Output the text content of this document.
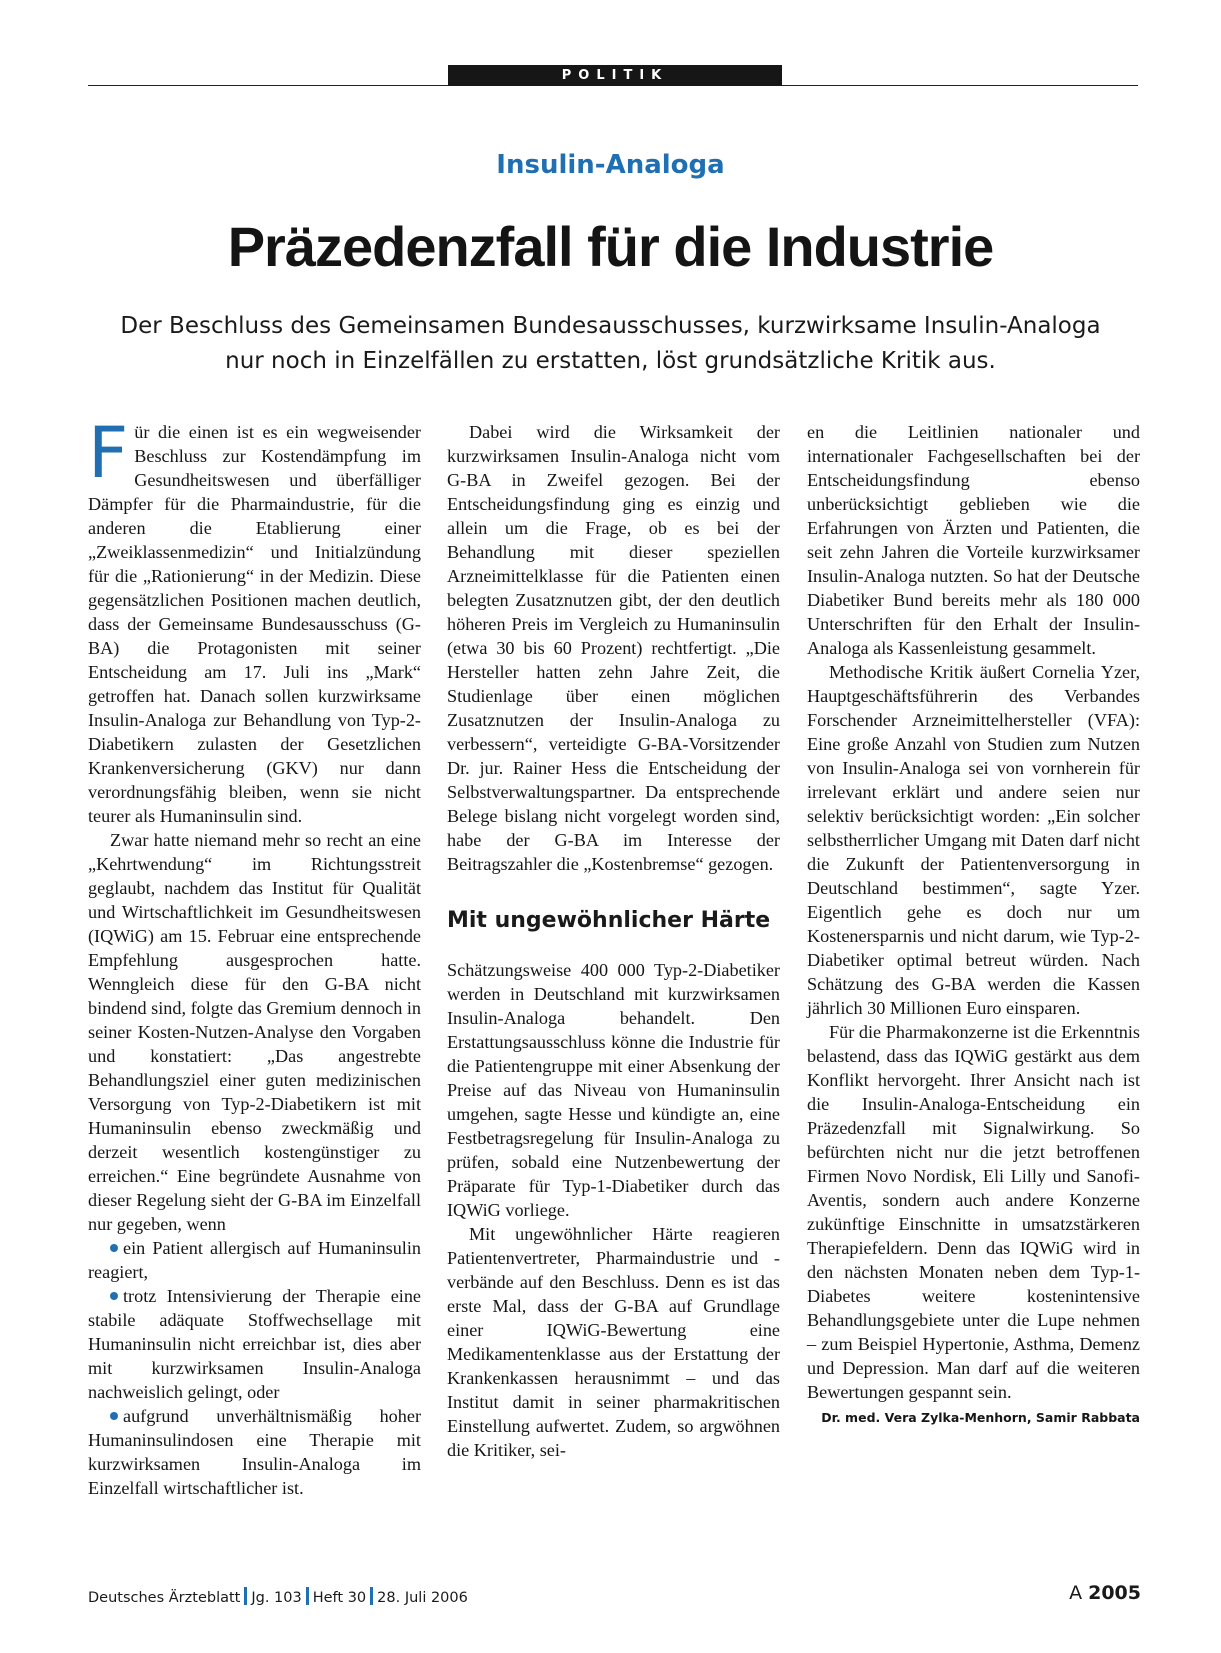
POLITIK
Insulin-Analoga
Präzedenzfall für die Industrie
Der Beschluss des Gemeinsamen Bundesausschusses, kurzwirksame Insulin-Analoga nur noch in Einzelfällen zu erstatten, löst grundsätzliche Kritik aus.

Für die einen ist es ein wegweisender Beschluss zur Kostendämpfung im Gesundheitswesen und überfälliger Dämpfer für die Pharmaindustrie, für die anderen die Etablierung einer „Zweiklassenmedizin“ und Initialzündung für die „Rationierung“ in der Medizin. Diese gegensätzlichen Positionen machen deutlich, dass der Gemeinsame Bundesausschuss (G-BA) die Protagonisten mit seiner Entscheidung am 17. Juli ins „Mark“ getroffen hat. Danach sollen kurzwirksame Insulin-Analoga zur Behandlung von Typ-2-Diabetikern zulasten der Gesetzlichen Krankenversicherung (GKV) nur dann verordnungsfähig bleiben, wenn sie nicht teurer als Humaninsulin sind.

Zwar hatte niemand mehr so recht an eine „Kehrtwendung“ im Richtungsstreit geglaubt, nachdem das Institut für Qualität und Wirtschaftlichkeit im Gesundheitswesen (IQWiG) am 15. Februar eine entsprechende Empfehlung ausgesprochen hatte. Wenngleich diese für den G-BA nicht bindend sind, folgte das Gremium dennoch in seiner Kosten-Nutzen-Analyse den Vorgaben und konstatiert: „Das angestrebte Behandlungsziel einer guten medizinischen Versorgung von Typ-2-Diabetikern ist mit Humaninsulin ebenso zweckmäßig und derzeit wesentlich kostengünstiger zu erreichen.“ Eine begründete Ausnahme von dieser Regelung sieht der G-BA im Einzelfall nur gegeben, wenn

ein Patient allergisch auf Humaninsulin reagiert,

trotz Intensivierung der Therapie eine stabile adäquate Stoffwechsellage mit Humaninsulin nicht erreichbar ist, dies aber mit kurzwirksamen Insulin-Analoga nachweislich gelingt, oder

aufgrund unverhältnismäßig hoher Humaninsulindosen eine Therapie mit kurzwirksamen Insulin-Analoga im Einzelfall wirtschaftlicher ist.

Dabei wird die Wirksamkeit der kurzwirksamen Insulin-Analoga nicht vom G-BA in Zweifel gezogen. Bei der Entscheidungsfindung ging es einzig und allein um die Frage, ob es bei der Behandlung mit dieser speziellen Arzneimittelklasse für die Patienten einen belegten Zusatznutzen gibt, der den deutlich höheren Preis im Vergleich zu Humaninsulin (etwa 30 bis 60 Prozent) rechtfertigt. „Die Hersteller hatten zehn Jahre Zeit, die Studienlage über einen möglichen Zusatznutzen der Insulin-Analoga zu verbessern“, verteidigte G-BA-Vorsitzender Dr. jur. Rainer Hess die Entscheidung der Selbstverwaltungspartner. Da entsprechende Belege bislang nicht vorgelegt worden sind, habe der G-BA im Interesse der Beitragszahler die „Kostenbremse“ gezogen.

Mit ungewöhnlicher Härte

Schätzungsweise 400 000 Typ-2-Diabetiker werden in Deutschland mit kurzwirksamen Insulin-Analoga behandelt. Den Erstattungsausschluss könne die Industrie für die Patientengruppe mit einer Absenkung der Preise auf das Niveau von Humaninsulin umgehen, sagte Hesse und kündigte an, eine Festbetragsregelung für Insulin-Analoga zu prüfen, sobald eine Nutzenbewertung der Präparate für Typ-1-Diabetiker durch das IQWiG vorliege.

Mit ungewöhnlicher Härte reagieren Patientenvertreter, Pharmaindustrie und -verbände auf den Beschluss. Denn es ist das erste Mal, dass der G-BA auf Grundlage einer IQWiG-Bewertung eine Medikamentenklasse aus der Erstattung der Krankenkassen herausnimmt – und das Institut damit in seiner pharmakritischen Einstellung aufwertet. Zudem, so argwöhnen die Kritiker, sei-

en die Leitlinien nationaler und internationaler Fachgesellschaften bei der Entscheidungsfindung ebenso unberücksichtigt geblieben wie die Erfahrungen von Ärzten und Patienten, die seit zehn Jahren die Vorteile kurzwirksamer Insulin-Analoga nutzten. So hat der Deutsche Diabetiker Bund bereits mehr als 180 000 Unterschriften für den Erhalt der Insulin-Analoga als Kassenleistung gesammelt.

Methodische Kritik äußert Cornelia Yzer, Hauptgeschäftsführerin des Verbandes Forschender Arzneimittelhersteller (VFA): Eine große Anzahl von Studien zum Nutzen von Insulin-Analoga sei von vornherein für irrelevant erklärt und andere seien nur selektiv berücksichtigt worden: „Ein solcher selbstherrlicher Umgang mit Daten darf nicht die Zukunft der Patientenversorgung in Deutschland bestimmen“, sagte Yzer. Eigentlich gehe es doch nur um Kostenersparnis und nicht darum, wie Typ-2-Diabetiker optimal betreut würden. Nach Schätzung des G-BA werden die Kassen jährlich 30 Millionen Euro einsparen.

Für die Pharmakonzerne ist die Erkenntnis belastend, dass das IQWiG gestärkt aus dem Konflikt hervorgeht. Ihrer Ansicht nach ist die Insulin-Analoga-Entscheidung ein Präzedenzfall mit Signalwirkung. So befürchten nicht nur die jetzt betroffenen Firmen Novo Nordisk, Eli Lilly und Sanofi-Aventis, sondern auch andere Konzerne zukünftige Einschnitte in umsatzstärkeren Therapiefeldern. Denn das IQWiG wird in den nächsten Monaten neben dem Typ-1-Diabetes weitere kostenintensive Behandlungsgebiete unter die Lupe nehmen – zum Beispiel Hypertonie, Asthma, Demenz und Depression. Man darf auf die weiteren Bewertungen gespannt sein.

Dr. med. Vera Zylka-Menhorn, Samir Rabbata
Deutsches Ärzteblatt Jg. 103 Heft 30 28. Juli 2006	A 2005
